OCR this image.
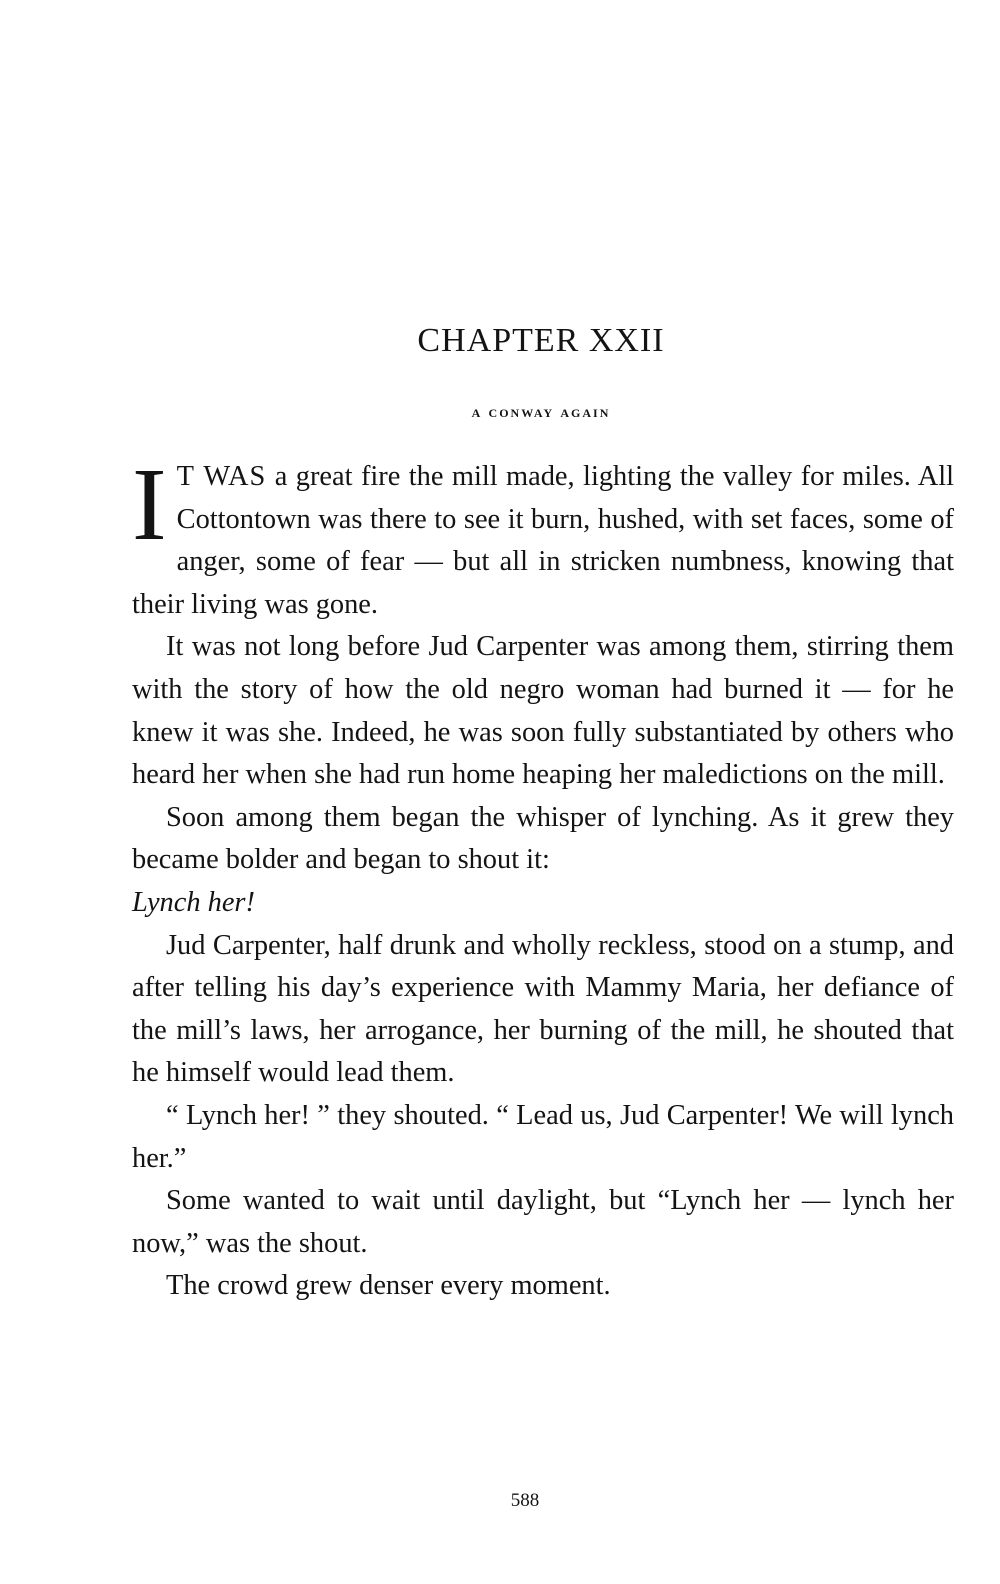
CHAPTER XXII
a conway again

I T WAS a great fire the mill made, lighting the valley for miles. All Cottontown was there to see it burn, hushed, with set faces, some of anger, some of fear — but all in stricken numbness, knowing that their living was gone.

It was not long before Jud Carpenter was among them, stirring them with the story of how the old negro woman had burned it — for he knew it was she. Indeed, he was soon fully substantiated by others who heard her when she had run home heaping her maledictions on the mill.

Soon among them began the whisper of lynching. As it grew they became bolder and began to shout it:
Lynch her!

Jud Carpenter, half drunk and wholly reckless, stood on a stump, and after telling his day’s experience with Mammy Maria, her defiance of the mill’s laws, her arrogance, her burning of the mill, he shouted that he himself would lead them.

“ Lynch her! ” they shouted. “ Lead us, Jud Carpenter! We will lynch her.”

Some wanted to wait until daylight, but “Lynch her — lynch her now,” was the shout.

The crowd grew denser every moment.

588
